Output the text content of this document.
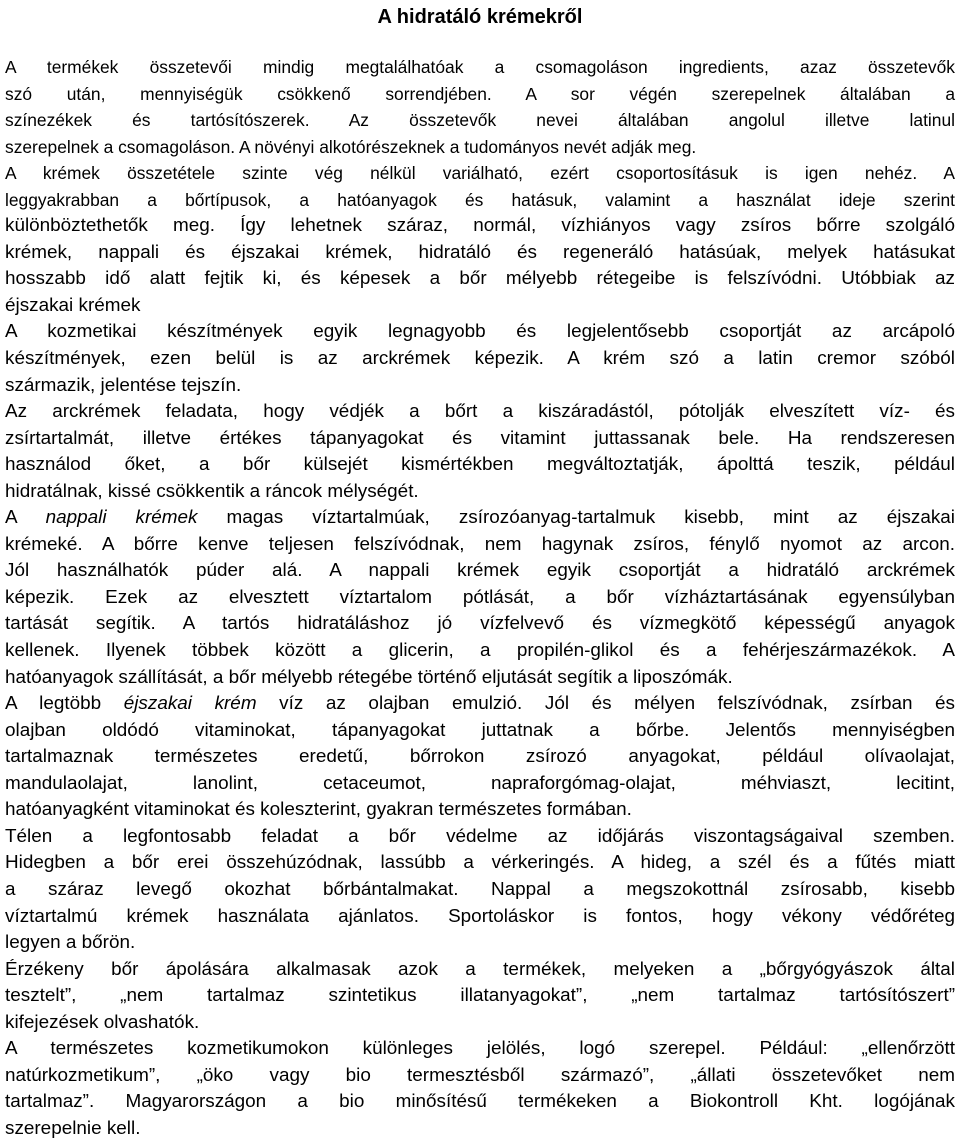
A hidratáló krémekről
A termékek összetevői mindig megtalálhatóak a csomagoláson ingredients, azaz összetevők
szó után, mennyiségük csökkenő sorrendjében. A sor végén szerepelnek általában a
színezékek és tartósítószerek. Az összetevők nevei általában angolul illetve latinul
szerepelnek a csomagoláson. A növényi alkotórészeknek a tudományos nevét adják meg.
A krémek összetétele szinte vég nélkül variálható, ezért csoportosításuk is igen nehéz. A
leggyakrabban a bőrtípusok, a hatóanyagok és hatásuk, valamint a használat ideje szerint
különböztethetők meg. Így lehetnek száraz, normál, vízhiányos vagy zsíros bőrre szolgáló
krémek, nappali és éjszakai krémek, hidratáló és regeneráló hatásúak, melyek hatásukat
hosszabb idő alatt fejtik ki, és képesek a bőr mélyebb rétegeibe is felszívódni. Utóbbiak az
éjszakai krémek
A kozmetikai készítmények egyik legnagyobb és legjelentősebb csoportját az arcápoló
készítmények, ezen belül is az arckrémek képezik. A krém szó a latin cremor szóból
származik, jelentése tejszín.
Az arckrémek feladata, hogy védjék a bőrt a kiszáradástól, pótolják elveszített víz- és
zsírtartalmát, illetve értékes tápanyagokat és vitamint juttassanak bele. Ha rendszeresen
használod őket, a bőr külsejét kismértékben megváltoztatják, ápolttá teszik, például
hidratálnak, kissé csökkentik a ráncok mélységét.
A nappali krémek magas víztartalmúak, zsírozóanyag-tartalmuk kisebb, mint az éjszakai
krémeké. A bőrre kenve teljesen felszívódnak, nem hagynak zsíros, fénylő nyomot az arcon.
Jól használhatók púder alá. A nappali krémek egyik csoportját a hidratáló arckrémek
képezik. Ezek az elvesztett víztartalom pótlását, a bőr vízháztartásának egyensúlyban
tartását segítik. A tartós hidratáláshoz jó vízfelvevő és vízmegkötő képességű anyagok
kellenek. Ilyenek többek között a glicerin, a propilén-glikol és a fehérjeszármazékok. A
hatóanyagok szállítását, a bőr mélyebb rétegébe történő eljutását segítik a liposzómák.
A legtöbb éjszakai krém víz az olajban emulzió. Jól és mélyen felszívódnak, zsírban és
olajban oldódó vitaminokat, tápanyagokat juttatnak a bőrbe. Jelentős mennyiségben
tartalmaznak természetes eredetű, bőrrokon zsírozó anyagokat, például olívaolajat,
mandulaolajat, lanolint, cetaceumot, napraforgómag-olajat, méhviaszt, lecitint,
hatóanyagként vitaminokat és koleszterint, gyakran természetes formában.
Télen a legfontosabb feladat a bőr védelme az időjárás viszontagságaival szemben.
Hidegben a bőr erei összehúzódnak, lassúbb a vérkeringés. A hideg, a szél és a fűtés miatt
a száraz levegő okozhat bőrbántalmakat. Nappal a megszokottnál zsírosabb, kisebb
víztartalmú krémek használata ajánlatos. Sportoláskor is fontos, hogy vékony védőréteg
legyen a bőrön.
Érzékeny bőr ápolására alkalmasak azok a termékek, melyeken a „bőrgyógyászok által
tesztelt”, „nem tartalmaz szintetikus illatanyagokat”, „nem tartalmaz tartósítószert”
kifejezések olvashatók.
A természetes kozmetikumokon különleges jelölés, logó szerepel. Például: „ellenőrzött
natúrkozmetikum”, „öko vagy bio termesztésből származó”, „állati összetevőket nem
tartalmaz”. Magyarországon a bio minősítésű termékeken a Biokontroll Kht. logójának
szerepelnie kell.
